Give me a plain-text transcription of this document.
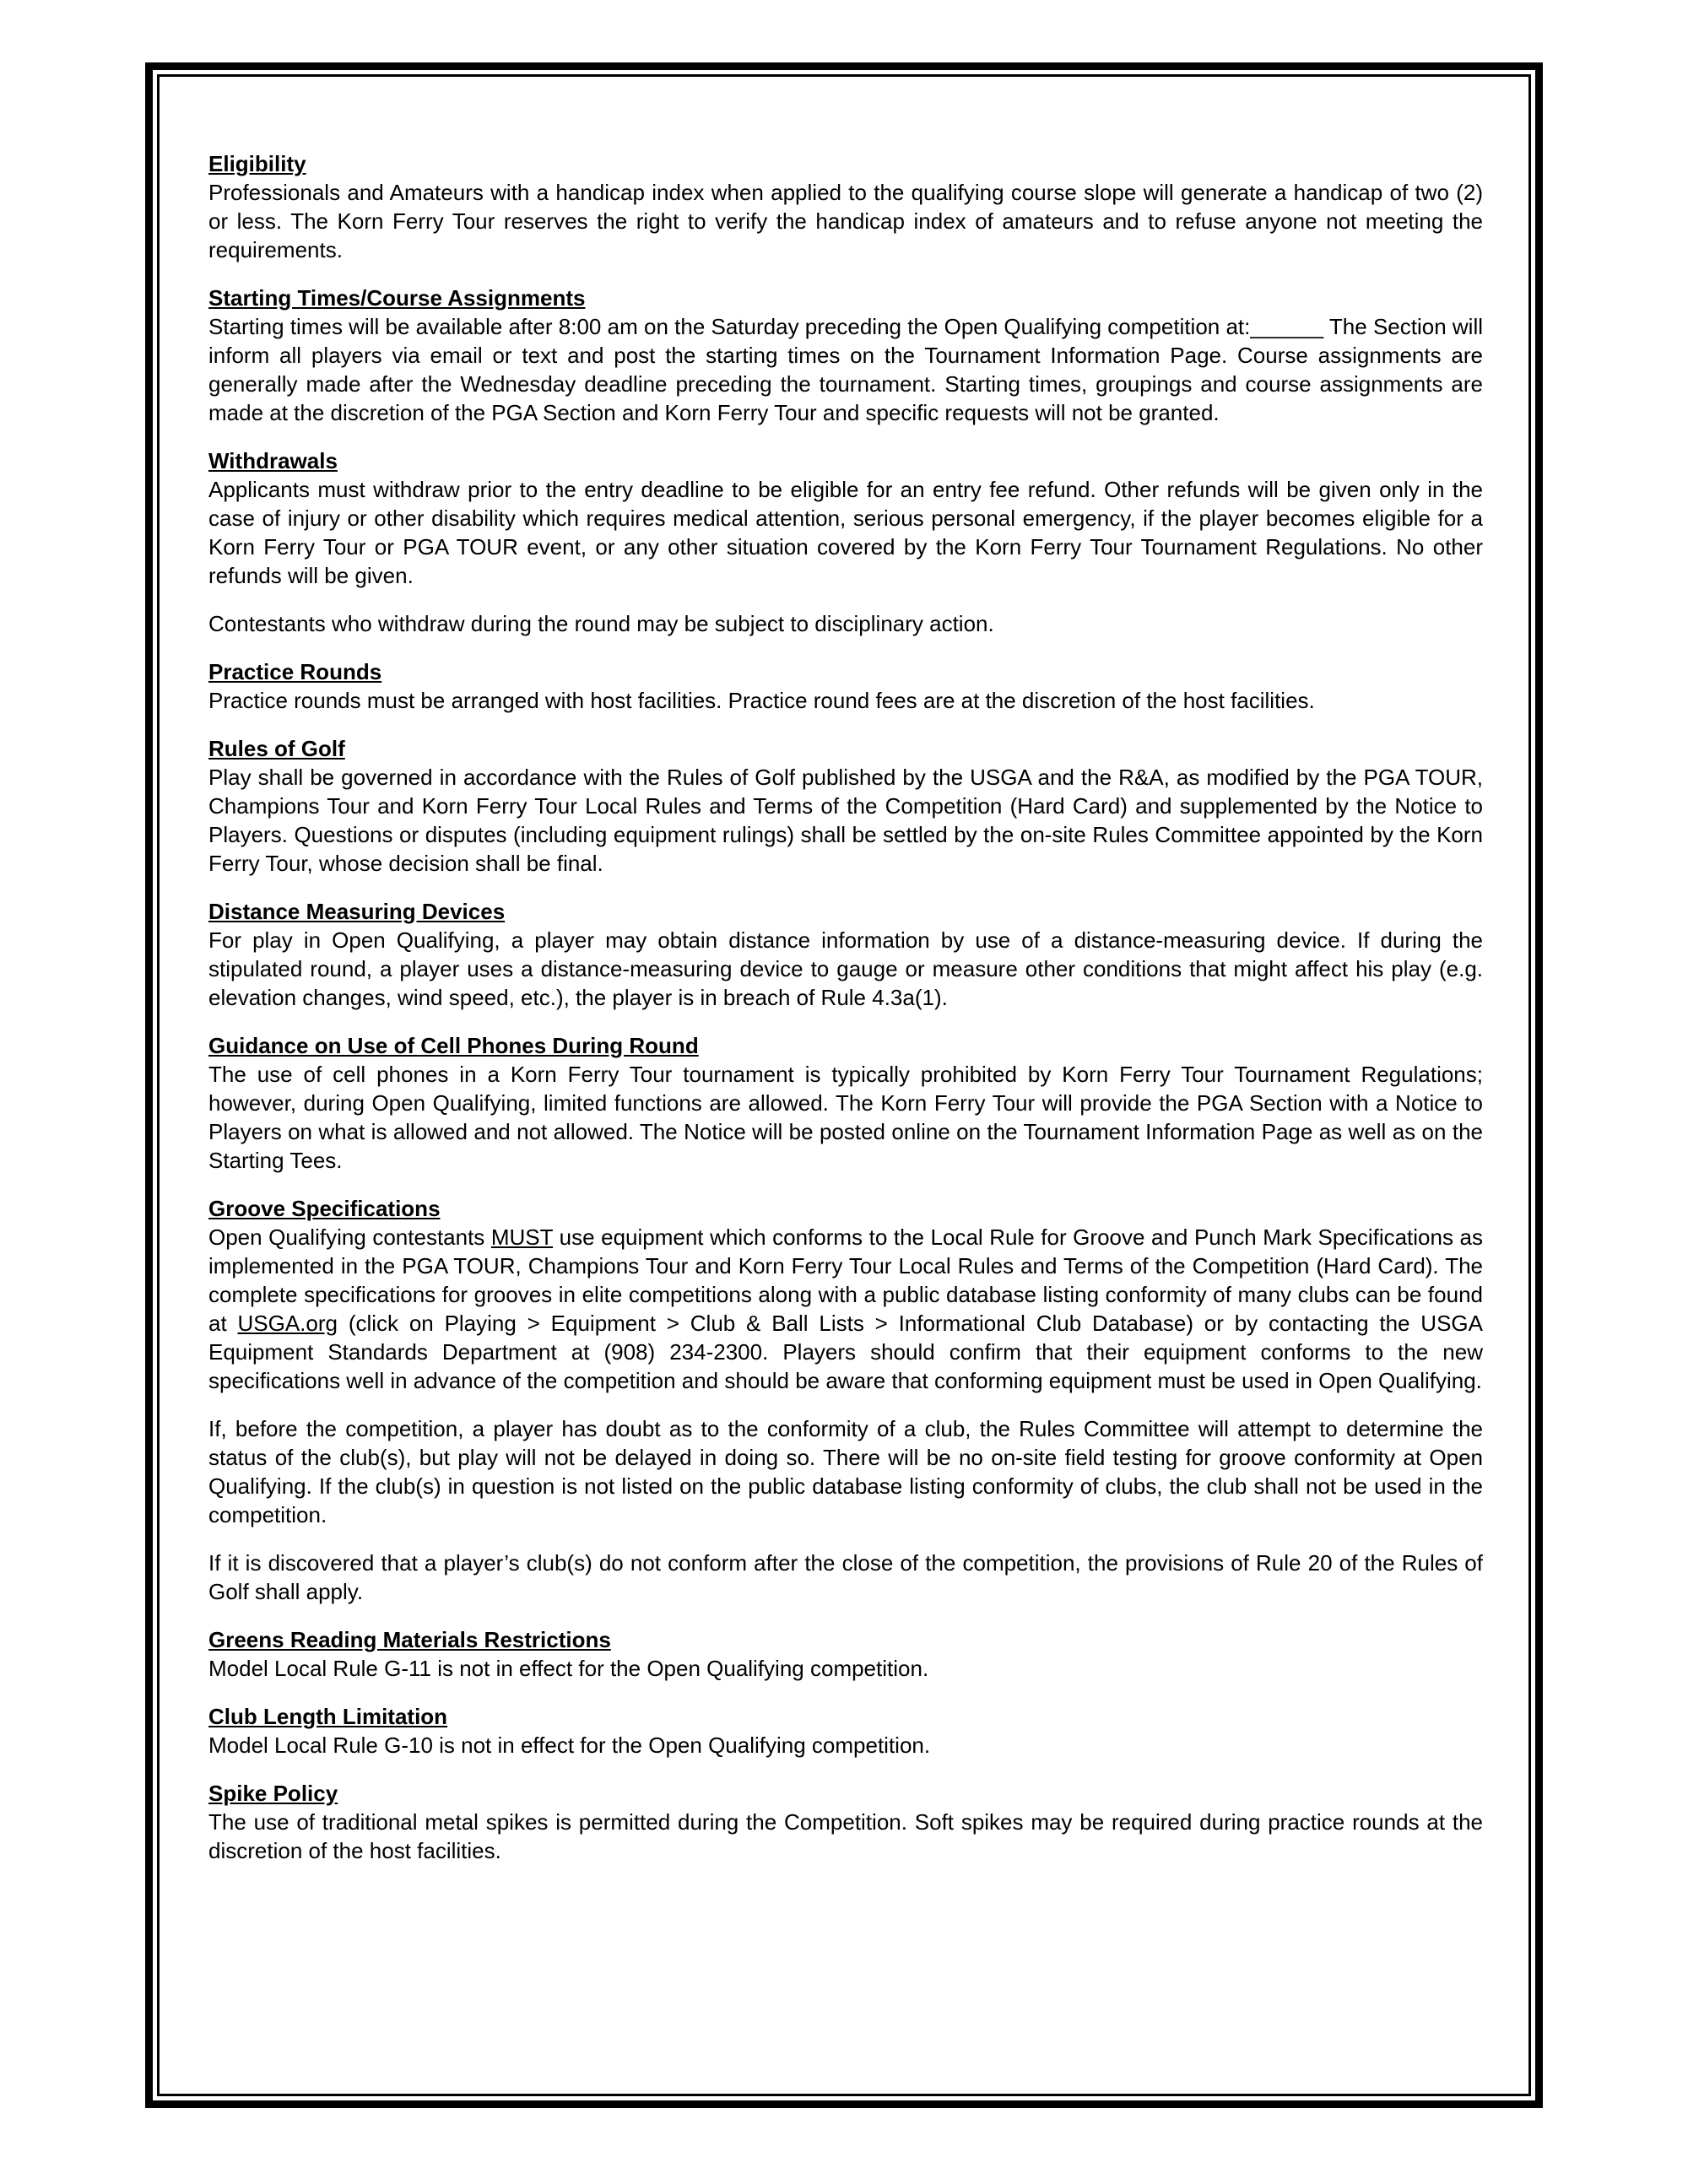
Eligibility

Professionals and Amateurs with a handicap index when applied to the qualifying course slope will generate a handicap of two (2) or less. The Korn Ferry Tour reserves the right to verify the handicap index of amateurs and to refuse anyone not meeting the requirements.

Starting Times/Course Assignments

Starting times will be available after 8:00 am on the Saturday preceding the Open Qualifying competition at:______ The Section will inform all players via email or text and post the starting times on the Tournament Information Page. Course assignments are generally made after the Wednesday deadline preceding the tournament. Starting times, groupings and course assignments are made at the discretion of the PGA Section and Korn Ferry Tour and specific requests will not be granted.

Withdrawals

Applicants must withdraw prior to the entry deadline to be eligible for an entry fee refund. Other refunds will be given only in the case of injury or other disability which requires medical attention, serious personal emergency, if the player becomes eligible for a Korn Ferry Tour or PGA TOUR event, or any other situation covered by the Korn Ferry Tour Tournament Regulations. No other refunds will be given.

Contestants who withdraw during the round may be subject to disciplinary action.

Practice Rounds

Practice rounds must be arranged with host facilities. Practice round fees are at the discretion of the host facilities.

Rules of Golf

Play shall be governed in accordance with the Rules of Golf published by the USGA and the R&A, as modified by the PGA TOUR, Champions Tour and Korn Ferry Tour Local Rules and Terms of the Competition (Hard Card) and supplemented by the Notice to Players. Questions or disputes (including equipment rulings) shall be settled by the on-site Rules Committee appointed by the Korn Ferry Tour, whose decision shall be final.

Distance Measuring Devices

For play in Open Qualifying, a player may obtain distance information by use of a distance-measuring device. If during the stipulated round, a player uses a distance-measuring device to gauge or measure other conditions that might affect his play (e.g. elevation changes, wind speed, etc.), the player is in breach of Rule 4.3a(1).

Guidance on Use of Cell Phones During Round

The use of cell phones in a Korn Ferry Tour tournament is typically prohibited by Korn Ferry Tour Tournament Regulations; however, during Open Qualifying, limited functions are allowed. The Korn Ferry Tour will provide the PGA Section with a Notice to Players on what is allowed and not allowed. The Notice will be posted online on the Tournament Information Page as well as on the Starting Tees.

Groove Specifications

Open Qualifying contestants MUST use equipment which conforms to the Local Rule for Groove and Punch Mark Specifications as implemented in the PGA TOUR, Champions Tour and Korn Ferry Tour Local Rules and Terms of the Competition (Hard Card). The complete specifications for grooves in elite competitions along with a public database listing conformity of many clubs can be found at USGA.org (click on Playing > Equipment > Club & Ball Lists > Informational Club Database) or by contacting the USGA Equipment Standards Department at (908) 234-2300. Players should confirm that their equipment conforms to the new specifications well in advance of the competition and should be aware that conforming equipment must be used in Open Qualifying.

If, before the competition, a player has doubt as to the conformity of a club, the Rules Committee will attempt to determine the status of the club(s), but play will not be delayed in doing so. There will be no on-site field testing for groove conformity at Open Qualifying. If the club(s) in question is not listed on the public database listing conformity of clubs, the club shall not be used in the competition.

If it is discovered that a player’s club(s) do not conform after the close of the competition, the provisions of Rule 20 of the Rules of Golf shall apply.

Greens Reading Materials Restrictions

Model Local Rule G-11 is not in effect for the Open Qualifying competition.

Club Length Limitation

Model Local Rule G-10 is not in effect for the Open Qualifying competition.

Spike Policy

The use of traditional metal spikes is permitted during the Competition. Soft spikes may be required during practice rounds at the discretion of the host facilities.
